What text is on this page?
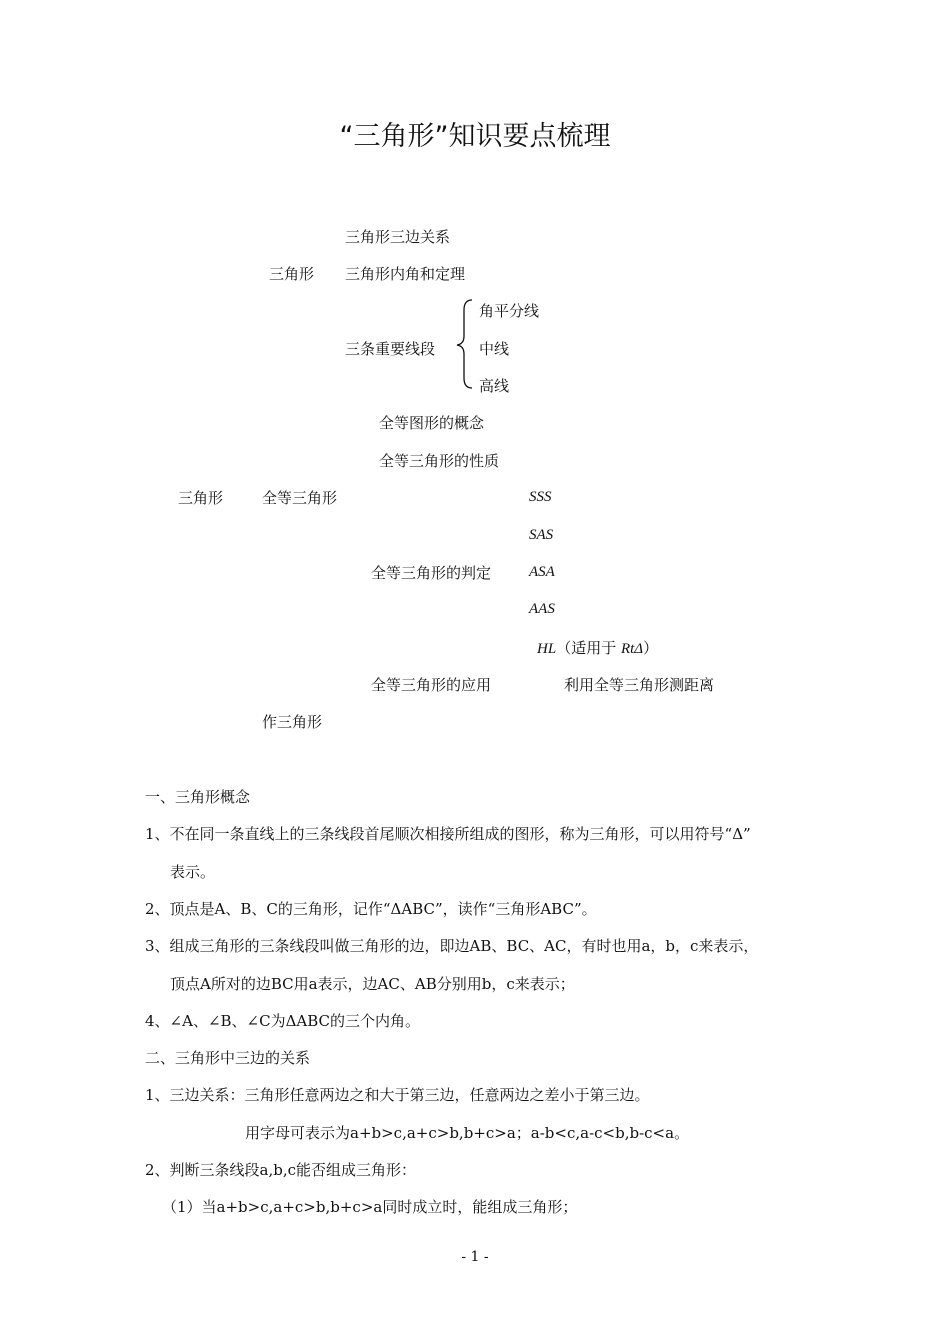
“三角形”知识要点梳理
三角形三边关系
三角形 三角形内角和定理
角平分线
三条重要线段	中线
高线
全等图形的概念
全等三角形的性质
三角形	全等三角形	SSS
SAS
全等三角形的判定	ASA
AAS
HL（适用于 RtΔ）
全等三角形的应用	利用全等三角形测距离
作三角形
一、三角形概念
1、不在同一条直线上的三条线段首尾顺次相接所组成的图形，称为三角形，可以用符号“Δ”
表示。
2、顶点是A、B、C的三角形，记作“ΔABC”，读作“三角形ABC”。
3、组成三角形的三条线段叫做三角形的边，即边AB、BC、AC，有时也用a，b，c来表示，
顶点A所对的边BC用a表示，边AC、AB分别用b，c来表示；
4、∠A、∠B、∠C为ΔABC的三个内角。
二、三角形中三边的关系
1、三边关系：三角形任意两边之和大于第三边，任意两边之差小于第三边。
用字母可表示为a+b>c,a+c>b,b+c>a；a-b<c,a-c<b,b-c<a。
2、判断三条线段a,b,c能否组成三角形：
（1）当a+b>c,a+c>b,b+c>a同时成立时，能组成三角形；
- 1 -
